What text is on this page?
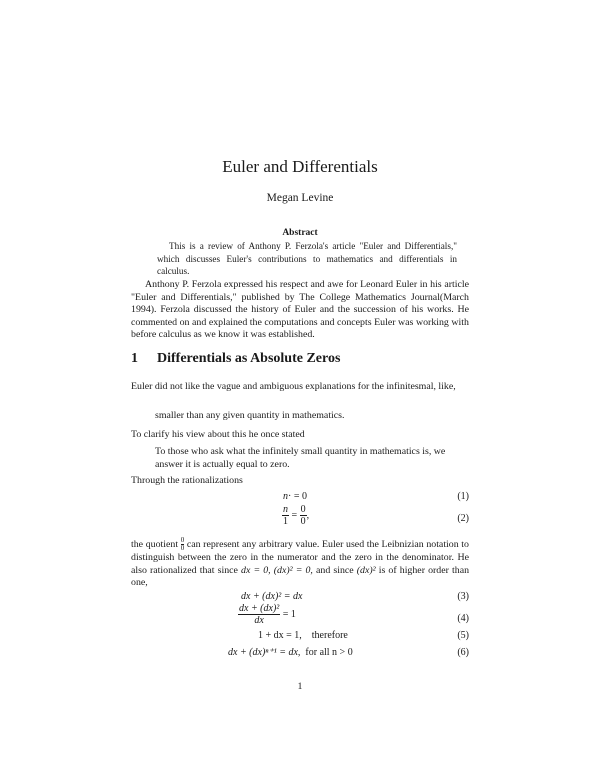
Euler and Differentials
Megan Levine
Abstract
This is a review of Anthony P. Ferzola's article "Euler and Differentials," which discusses Euler's contributions to mathematics and differentials in calculus.
Anthony P. Ferzola expressed his respect and awe for Leonard Euler in his article "Euler and Differentials," published by The College Mathematics Journal(March 1994). Ferzola discussed the history of Euler and the succession of his works. He commented on and explained the computations and concepts Euler was working with before calculus as we know it was established.
1 Differentials as Absolute Zeros
Euler did not like the vague and ambiguous explanations for the infinitesmal, like,
smaller than any given quantity in mathematics.
To clarify his view about this he once stated
To those who ask what the infinitely small quantity in mathematics is, we answer it is actually equal to zero.
Through the rationalizations
n· = 0	(1)
$\frac{n}{1} = \frac{0}{0}$ ,	(2)
the quotient $\frac{0}{0}$ can represent any arbitrary value. Euler used the Leibnizian notation to distinguish between the zero in the numerator and the zero in the denominator. He also rationalized that since dx = 0, (dx)² = 0, and since (dx)² is of higher order than one,
dx + (dx)² = dx	(3)
$\frac{\text{dx + (dx)²}}{dx} = 1$	(4)
1 + dx = 1, therefore	(5)
dx + (dx)ⁿ⁺¹ = dx, for all n > 0	(6)
1
